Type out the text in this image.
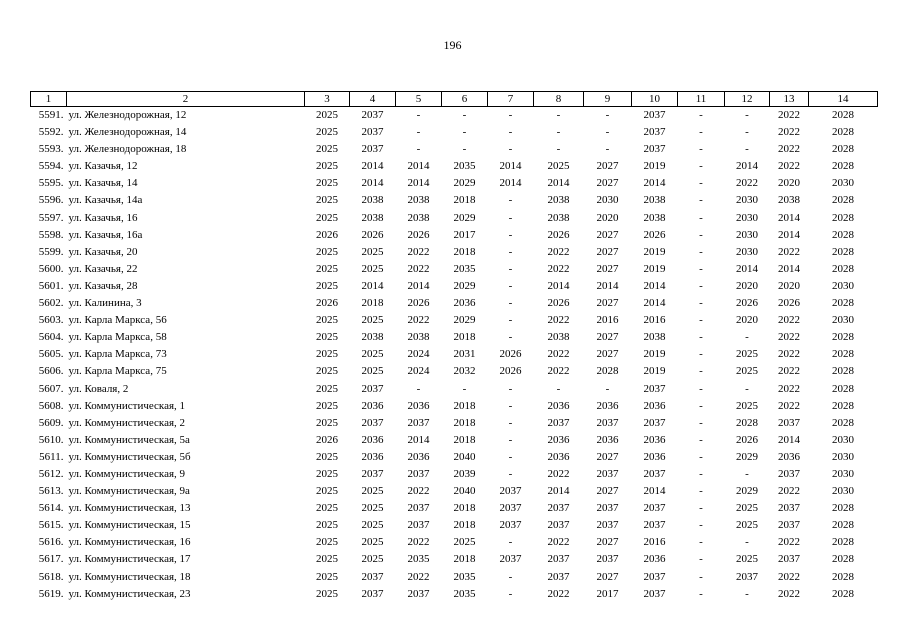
196
1	2	3	4	5	6	7	8	9	10	11	12	13	14
5591.	ул. Железнодорожная, 12	2025	2037	-	-	-	-	-	2037	-	-	2022	2028
5592.	ул. Железнодорожная, 14	2025	2037	-	-	-	-	-	2037	-	-	2022	2028
5593.	ул. Железнодорожная, 18	2025	2037	-	-	-	-	-	2037	-	-	2022	2028
5594.	ул. Казачья, 12	2025	2014	2014	2035	2014	2025	2027	2019	-	2014	2022	2028
5595.	ул. Казачья, 14	2025	2014	2014	2029	2014	2014	2027	2014	-	2022	2020	2030
5596.	ул. Казачья, 14а	2025	2038	2038	2018	-	2038	2030	2038	-	2030	2038	2028
5597.	ул. Казачья, 16	2025	2038	2038	2029	-	2038	2020	2038	-	2030	2014	2028
5598.	ул. Казачья, 16а	2026	2026	2026	2017	-	2026	2027	2026	-	2030	2014	2028
5599.	ул. Казачья, 20	2025	2025	2022	2018	-	2022	2027	2019	-	2030	2022	2028
5600.	ул. Казачья, 22	2025	2025	2022	2035	-	2022	2027	2019	-	2014	2014	2028
5601.	ул. Казачья, 28	2025	2014	2014	2029	-	2014	2014	2014	-	2020	2020	2030
5602.	ул. Калинина, 3	2026	2018	2026	2036	-	2026	2027	2014	-	2026	2026	2028
5603.	ул. Карла Маркса, 56	2025	2025	2022	2029	-	2022	2016	2016	-	2020	2022	2030
5604.	ул. Карла Маркса, 58	2025	2038	2038	2018	-	2038	2027	2038	-	-	2022	2028
5605.	ул. Карла Маркса, 73	2025	2025	2024	2031	2026	2022	2027	2019	-	2025	2022	2028
5606.	ул. Карла Маркса, 75	2025	2025	2024	2032	2026	2022	2028	2019	-	2025	2022	2028
5607.	ул. Коваля, 2	2025	2037	-	-	-	-	-	2037	-	-	2022	2028
5608.	ул. Коммунистическая, 1	2025	2036	2036	2018	-	2036	2036	2036	-	2025	2022	2028
5609.	ул. Коммунистическая, 2	2025	2037	2037	2018	-	2037	2037	2037	-	2028	2037	2028
5610.	ул. Коммунистическая, 5а	2026	2036	2014	2018	-	2036	2036	2036	-	2026	2014	2030
5611.	ул. Коммунистическая, 5б	2025	2036	2036	2040	-	2036	2027	2036	-	2029	2036	2030
5612.	ул. Коммунистическая, 9	2025	2037	2037	2039	-	2022	2037	2037	-	-	2037	2030
5613.	ул. Коммунистическая, 9а	2025	2025	2022	2040	2037	2014	2027	2014	-	2029	2022	2030
5614.	ул. Коммунистическая, 13	2025	2025	2037	2018	2037	2037	2037	2037	-	2025	2037	2028
5615.	ул. Коммунистическая, 15	2025	2025	2037	2018	2037	2037	2037	2037	-	2025	2037	2028
5616.	ул. Коммунистическая, 16	2025	2025	2022	2025	-	2022	2027	2016	-	-	2022	2028
5617.	ул. Коммунистическая, 17	2025	2025	2035	2018	2037	2037	2037	2036	-	2025	2037	2028
5618.	ул. Коммунистическая, 18	2025	2037	2022	2035	-	2037	2027	2037	-	2037	2022	2028
5619.	ул. Коммунистическая, 23	2025	2037	2037	2035	-	2022	2017	2037	-	-	2022	2028
